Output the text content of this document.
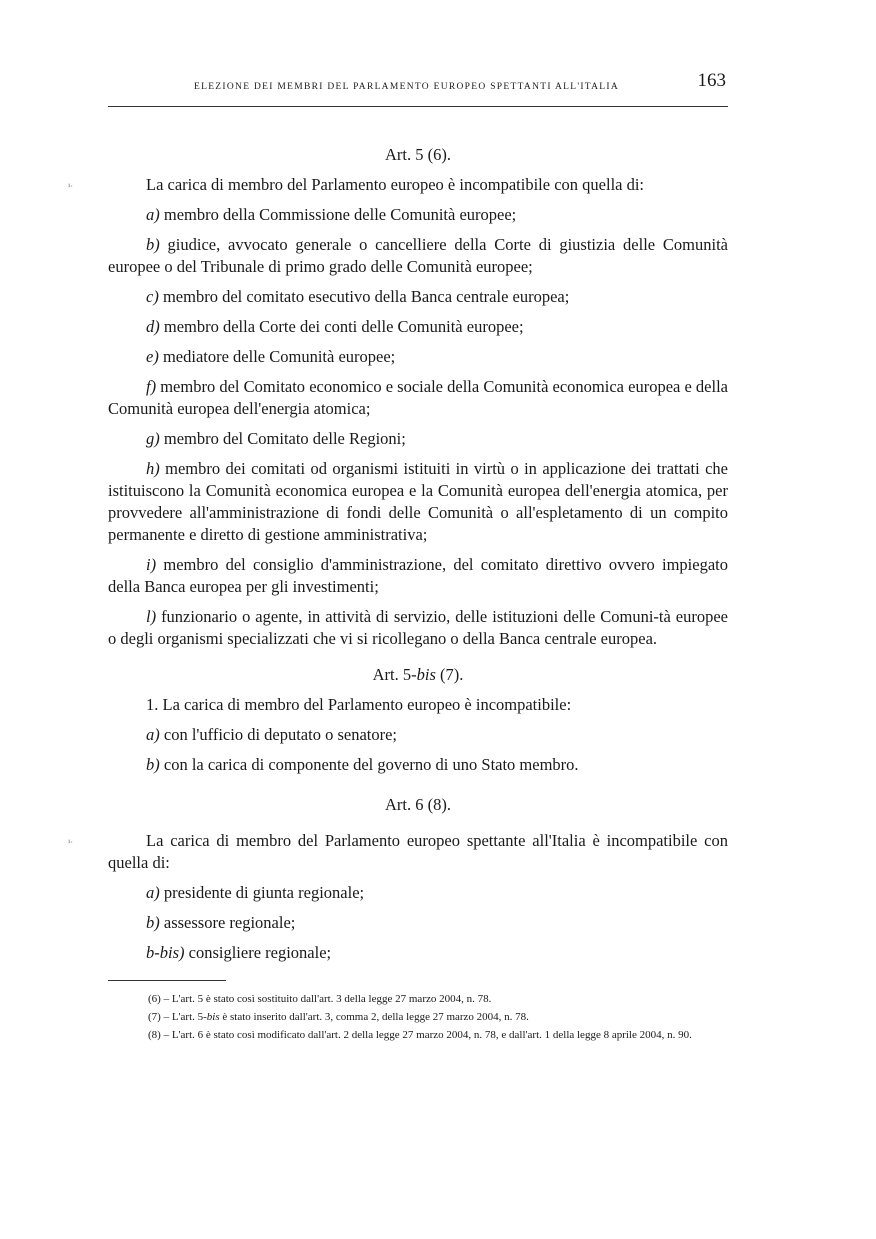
ELEZIONE DEI MEMBRI DEL PARLAMENTO EUROPEO SPETTANTI ALL'ITALIA	163

Art. 5 (6).

¹·	La carica di membro del Parlamento europeo è incompatibile con quella di:

a) membro della Commissione delle Comunità europee;

b) giudice, avvocato generale o cancelliere della Corte di giustizia delle Comunità europee o del Tribunale di primo grado delle Comunità europee;

c) membro del comitato esecutivo della Banca centrale europea;

d) membro della Corte dei conti delle Comunità europee;

e) mediatore delle Comunità europee;

f) membro del Comitato economico e sociale della Comunità economica europea e della Comunità europea dell'energia atomica;

g) membro del Comitato delle Regioni;

h) membro dei comitati od organismi istituiti in virtù o in applicazione dei trattati che istituiscono la Comunità economica europea e la Comunità europea dell'energia atomica, per provvedere all'amministrazione di fondi delle Comunità o all'espletamento di un compito permanente e diretto di gestione amministrativa;

i) membro del consiglio d'amministrazione, del comitato direttivo ovvero impiegato della Banca europea per gli investimenti;

l) funzionario o agente, in attività di servizio, delle istituzioni delle Comuni-tà europee o degli organismi specializzati che vi si ricollegano o della Banca centrale europea.

Art. 5-bis (7).

1. La carica di membro del Parlamento europeo è incompatibile:

a) con l'ufficio di deputato o senatore;

b) con la carica di componente del governo di uno Stato membro.

Art. 6 (8).

¹·	La carica di membro del Parlamento europeo spettante all'Italia è incompatibile con quella di:

a) presidente di giunta regionale;

b) assessore regionale;

b-bis) consigliere regionale;

(6) – L'art. 5 è stato così sostituito dall'art. 3 della legge 27 marzo 2004, n. 78.

(7) – L'art. 5-bis è stato inserito dall'art. 3, comma 2, della legge 27 marzo 2004, n. 78.

(8) – L'art. 6 è stato così modificato dall'art. 2 della legge 27 marzo 2004, n. 78, e dall'art. 1 della legge 8 aprile 2004, n. 90.
